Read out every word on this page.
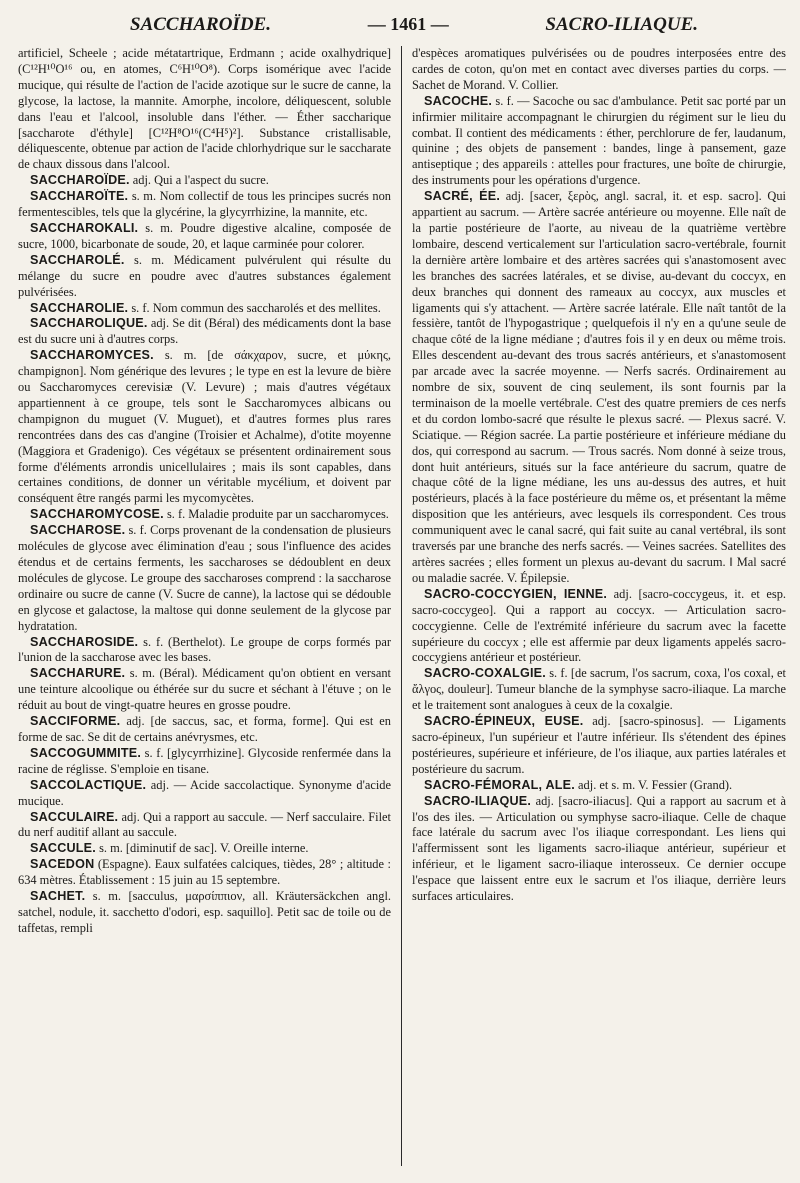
SACCHAROÏDE.	— 1461 —	SACRO-ILIAQUE.

artificiel, Scheele ; acide métatartrique, Erdmann ; acide oxalhydrique] (C¹²H¹⁰O¹⁶ ou, en atomes, C⁶H¹⁰O⁸). Corps isomérique avec l'acide mucique, qui résulte de l'action de l'acide azotique sur le sucre de canne, la glycose, la lactose, la mannite. Amorphe, incolore, déliquescent, soluble dans l'eau et l'alcool, insoluble dans l'éther. — Éther saccharique [saccharote d'éthyle] [C¹²H⁸O¹⁶(C⁴H⁵)²]. Substance cristallisable, déliquescente, obtenue par action de l'acide chlorhydrique sur le saccharate de chaux dissous dans l'alcool.

SACCHAROÏDE. adj. Qui a l'aspect du sucre.

SACCHAROÏTE. s. m. Nom collectif de tous les principes sucrés non fermentescibles, tels que la glycérine, la glycyrrhizine, la mannite, etc.

SACCHAROKALI. s. m. Poudre digestive alcaline, composée de sucre, 1000, bicarbonate de soude, 20, et laque carminée pour colorer.

SACCHAROLÉ. s. m. Médicament pulvérulent qui résulte du mélange du sucre en poudre avec d'autres substances également pulvérisées.

SACCHAROLIE. s. f. Nom commun des saccharolés et des mellites.

SACCHAROLIQUE. adj. Se dit (Béral) des médicaments dont la base est du sucre uni à d'autres corps.

SACCHAROMYCES. s. m. [de σάκχαρον, sucre, et μύκης, champignon]. Nom générique des levures ; le type en est la levure de bière ou Saccharomyces cerevisiæ (V. Levure) ; mais d'autres végétaux appartiennent à ce groupe, tels sont le Saccharomyces albicans ou champignon du muguet (V. Muguet), et d'autres formes plus rares rencontrées dans des cas d'angine (Troisier et Achalme), d'otite moyenne (Maggiora et Gradenigo). Ces végétaux se présentent ordinairement sous forme d'éléments arrondis unicellulaires ; mais ils sont capables, dans certaines conditions, de donner un véritable mycélium, et doivent par conséquent être rangés parmi les mycomycètes.

SACCHAROMYCOSE. s. f. Maladie produite par un saccharomyces.

SACCHAROSE. s. f. Corps provenant de la condensation de plusieurs molécules de glycose avec élimination d'eau ; sous l'influence des acides étendus et de certains ferments, les saccharoses se dédoublent en deux molécules de glycose. Le groupe des saccharoses comprend : la saccharose ordinaire ou sucre de canne (V. Sucre de canne), la lactose qui se dédouble en glycose et galactose, la maltose qui donne seulement de la glycose par hydratation.

SACCHAROSIDE. s. f. (Berthelot). Le groupe de corps formés par l'union de la saccharose avec les bases.

SACCHARURE. s. m. (Béral). Médicament qu'on obtient en versant une teinture alcoolique ou éthérée sur du sucre et séchant à l'étuve ; on le réduit au bout de vingt-quatre heures en grosse poudre.

SACCIFORME. adj. [de saccus, sac, et forma, forme]. Qui est en forme de sac. Se dit de certains anévrysmes, etc.

SACCOGUMMITE. s. f. [glycyrrhizine]. Glycoside renfermée dans la racine de réglisse. S'emploie en tisane.

SACCOLACTIQUE. adj. — Acide saccolactique. Synonyme d'acide mucique.

SACCULAIRE. adj. Qui a rapport au saccule. — Nerf sacculaire. Filet du nerf auditif allant au saccule.

SACCULE. s. m. [diminutif de sac]. V. Oreille interne.

SACEDON (Espagne). Eaux sulfatées calciques, tièdes, 28° ; altitude : 634 mètres. Établissement : 15 juin au 15 septembre.

SACHET. s. m. [sacculus, μαρσίππιον, all. Kräutersäckchen angl. satchel, nodule, it. sacchetto d'odori, esp. saquillo]. Petit sac de toile ou de taffetas, rempli

d'espèces aromatiques pulvérisées ou de poudres interposées entre des cardes de coton, qu'on met en contact avec diverses parties du corps. — Sachet de Morand. V. Collier.

SACOCHE. s. f. — Sacoche ou sac d'ambulance. Petit sac porté par un infirmier militaire accompagnant le chirurgien du régiment sur le lieu du combat. Il contient des médicaments : éther, perchlorure de fer, laudanum, quinine ; des objets de pansement : bandes, linge à pansement, gaze antiseptique ; des appareils : attelles pour fractures, une boîte de chirurgie, des instruments pour les opérations d'urgence.

SACRÉ, ÉE. adj. [sacer, ξερὸς, angl. sacral, it. et esp. sacro]. Qui appartient au sacrum. — Artère sacrée antérieure ou moyenne. Elle naît de la partie postérieure de l'aorte, au niveau de la quatrième vertèbre lombaire, descend verticalement sur l'articulation sacro-vertébrale, fournit la dernière artère lombaire et des artères sacrées qui s'anastomosent avec les branches des sacrées latérales, et se divise, au-devant du coccyx, en deux branches qui donnent des rameaux au coccyx, aux muscles et ligaments qui s'y attachent. — Artère sacrée latérale. Elle naît tantôt de la fessière, tantôt de l'hypogastrique ; quelquefois il n'y en a qu'une seule de chaque côté de la ligne médiane ; d'autres fois il y en deux ou même trois. Elles descendent au-devant des trous sacrés antérieurs, et s'anastomosent par arcade avec la sacrée moyenne. — Nerfs sacrés. Ordinairement au nombre de six, souvent de cinq seulement, ils sont fournis par la terminaison de la moelle vertébrale. C'est des quatre premiers de ces nerfs et du cordon lombo-sacré que résulte le plexus sacré. — Plexus sacré. V. Sciatique. — Région sacrée. La partie postérieure et inférieure médiane du dos, qui correspond au sacrum. — Trous sacrés. Nom donné à seize trous, dont huit antérieurs, situés sur la face antérieure du sacrum, quatre de chaque côté de la ligne médiane, les uns au-dessus des autres, et huit postérieurs, placés à la face postérieure du même os, et présentant la même disposition que les antérieurs, avec lesquels ils correspondent. Ces trous communiquent avec le canal sacré, qui fait suite au canal vertébral, ils sont traversés par une branche des nerfs sacrés. — Veines sacrées. Satellites des artères sacrées ; elles forment un plexus au-devant du sacrum. ‖ Mal sacré ou maladie sacrée. V. Épilepsie.

SACRO-COCCYGIEN, IENNE. adj. [sacro-coccygeus, it. et esp. sacro-coccygeo]. Qui a rapport au coccyx. — Articulation sacro-coccygienne. Celle de l'extrémité inférieure du sacrum avec la facette supérieure du coccyx ; elle est affermie par deux ligaments appelés sacro-coccygiens antérieur et postérieur.

SACRO-COXALGIE. s. f. [de sacrum, l'os sacrum, coxa, l'os coxal, et ἄλγος, douleur]. Tumeur blanche de la symphyse sacro-iliaque. La marche et le traitement sont analogues à ceux de la coxalgie.

SACRO-ÉPINEUX, EUSE. adj. [sacro-spinosus]. — Ligaments sacro-épineux, l'un supérieur et l'autre inférieur. Ils s'étendent des épines postérieures, supérieure et inférieure, de l'os iliaque, aux parties latérales et postérieure du sacrum.

SACRO-FÉMORAL, ALE. adj. et s. m. V. Fessier (Grand).

SACRO-ILIAQUE. adj. [sacro-iliacus]. Qui a rapport au sacrum et à l'os des iles. — Articulation ou symphyse sacro-iliaque. Celle de chaque face latérale du sacrum avec l'os iliaque correspondant. Les liens qui l'affermissent sont les ligaments sacro-iliaque antérieur, supérieur et inférieur, et le ligament sacro-iliaque interosseux. Ce dernier occupe l'espace que laissent entre eux le sacrum et l'os iliaque, derrière leurs surfaces articulaires.
